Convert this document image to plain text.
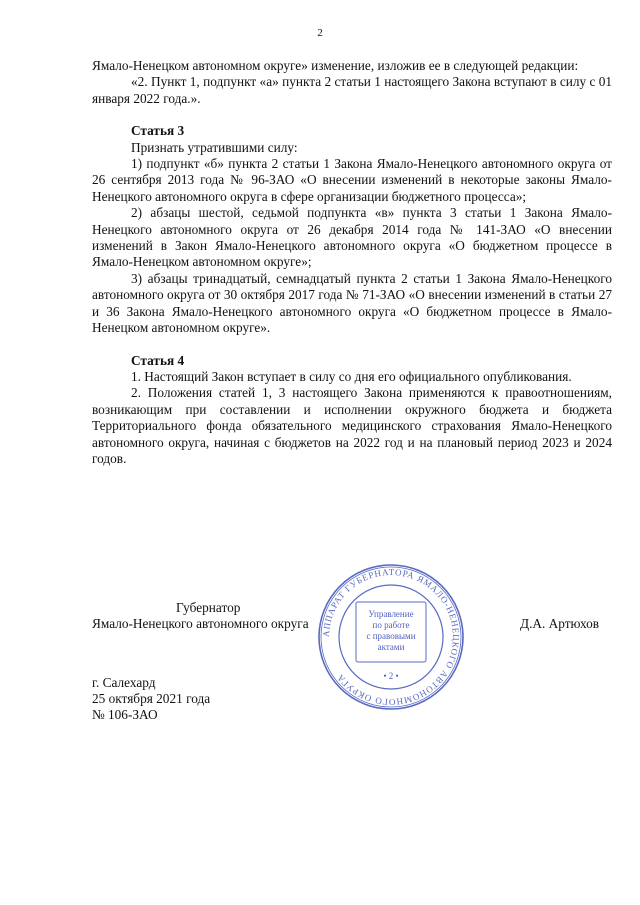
2

Ямало-Ненецком автономном округе» изменение, изложив ее в следующей редакции:

«2. Пункт 1, подпункт «а» пункта 2 статьи 1 настоящего Закона вступают в силу с 01 января 2022 года.».

Статья 3

Признать утратившими силу:

1) подпункт «б» пункта 2 статьи 1 Закона Ямало-Ненецкого автономного округа от 26 сентября 2013 года № 96-ЗАО «О внесении изменений в некоторые законы Ямало-Ненецкого автономного округа в сфере организации бюджетного процесса»;

2) абзацы шестой, седьмой подпункта «в» пункта 3 статьи 1 Закона Ямало-Ненецкого автономного округа от 26 декабря 2014 года № 141-ЗАО «О внесении изменений в Закон Ямало-Ненецкого автономного округа «О бюджетном процессе в Ямало-Ненецком автономном округе»;

3) абзацы тринадцатый, семнадцатый пункта 2 статьи 1 Закона Ямало-Ненецкого автономного округа от 30 октября 2017 года № 71-ЗАО «О внесении изменений в статьи 27 и 36 Закона Ямало-Ненецкого автономного округа «О бюджетном процессе в Ямало-Ненецком автономном округе».

Статья 4

1. Настоящий Закон вступает в силу со дня его официального опубликования.

2. Положения статей 1, 3 настоящего Закона применяются к правоотношениям, возникающим при составлении и исполнении окружного бюджета и бюджета Территориального фонда обязательного медицинского страхования Ямало-Ненецкого автономного округа, начиная с бюджетов на 2022 год и на плановый период 2023 и 2024 годов.

АППАРАТ ГУБЕРНАТОРА ЯМАЛО-НЕНЕЦКОГО АВТОНОМНОГО ОКРУГА
Управление
по работе
с правовыми
актами
• 2 •
Губернатор
Ямало-Ненецкого автономного округа	Д.А. Артюхов
г. Салехард
25 октября 2021 года
№ 106-ЗАО
